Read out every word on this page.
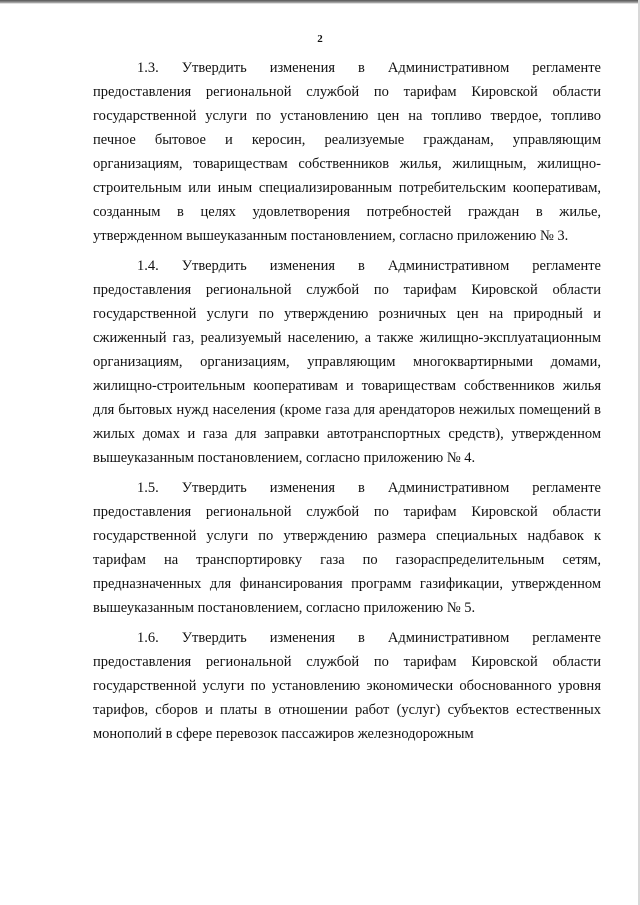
2

1.3. Утвердить изменения в Административном регламенте предоставления региональной службой по тарифам Кировской области государственной услуги по установлению цен на топливо твердое, топливо печное бытовое и керосин, реализуемые гражданам, управляющим организациям, товариществам собственников жилья, жилищным, жилищно-строительным или иным специализированным потребительским кооперативам, созданным в целях удовлетворения потребностей граждан в жилье, утвержденном вышеуказанным постановлением, согласно приложению № 3.

1.4. Утвердить изменения в Административном регламенте предоставления региональной службой по тарифам Кировской области государственной услуги по утверждению розничных цен на природный и сжиженный газ, реализуемый населению, а также жилищно-эксплуатационным организациям, организациям, управляющим многоквартирными домами, жилищно-строительным кооперативам и товариществам собственников жилья для бытовых нужд населения (кроме газа для арендаторов нежилых помещений в жилых домах и газа для заправки автотранспортных средств), утвержденном вышеуказанным постановлением, согласно приложению № 4.

1.5. Утвердить изменения в Административном регламенте предоставления региональной службой по тарифам Кировской области государственной услуги по утверждению размера специальных надбавок к тарифам на транспортировку газа по газораспределительным сетям, предназначенных для финансирования программ газификации, утвержденном вышеуказанным постановлением, согласно приложению № 5.

1.6. Утвердить изменения в Административном регламенте предоставления региональной службой по тарифам Кировской области государственной услуги по установлению экономически обоснованного уровня тарифов, сборов и платы в отношении работ (услуг) субъектов естественных монополий в сфере перевозок пассажиров железнодорожным
